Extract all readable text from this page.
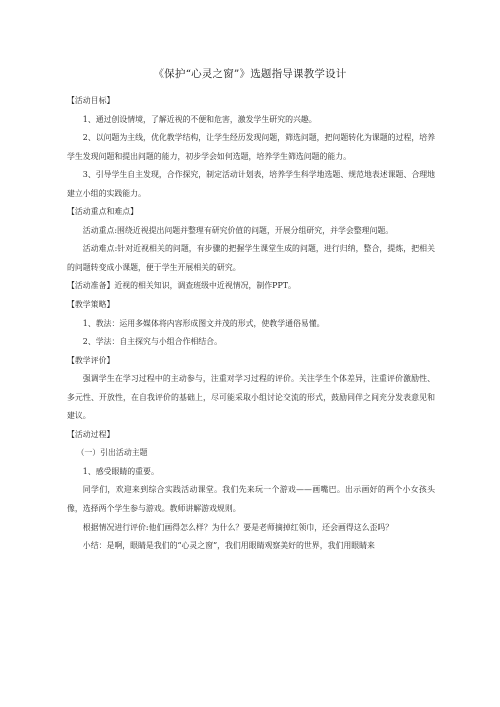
《保护“心灵之窗”》选题指导课教学设计

【活动目标】

1、通过创设情境，了解近视的不便和危害，激发学生研究的兴趣。

2、以问题为主线，优化教学结构，让学生经历发现问题，筛选问题，把问题转化为课题的过程，培养学生发现问题和提出问题的能力，初步学会如何选题，培养学生筛选问题的能力。

3、引导学生自主发现，合作探究，制定活动计划表，培养学生科学地选题、规范地表述课题、合理地建立小组的实践能力。

【活动重点和难点】

活动重点:围绕近视提出问题并整理有研究价值的问题，开展分组研究，并学会整理问题。

活动难点:针对近视相关的问题，有步骤的把握学生课堂生成的问题，进行归纳，整合，提炼，把相关的问题转变成小课题，便于学生开展相关的研究。

【活动准备】近视的相关知识，调查班级中近视情况，制作PPT。

【教学策略】

1、教法：运用多媒体将内容形成图文并茂的形式，使教学通俗易懂。

2、学法：自主探究与小组合作相结合。

【教学评价】

强调学生在学习过程中的主动参与，注重对学习过程的评价。关注学生个体差异，注重评价激励性、多元性、开放性，在自我评价的基础上，尽可能采取小组讨论交流的形式，鼓励同伴之间充分发表意见和建议。

【活动过程】

（一）引出活动主题

1、感受眼睛的重要。

同学们，欢迎来到综合实践活动课堂。我们先来玩一个游戏——画嘴巴。出示画好的两个小女孩头像，选择两个学生参与游戏。教师讲解游戏规则。

根据情况进行评价:他们画得怎么样？为什么？要是老师摘掉红领巾，还会画得这么歪吗？

小结：是啊，眼睛是我们的“心灵之窗”，我们用眼睛观察美好的世界，我们用眼睛来
